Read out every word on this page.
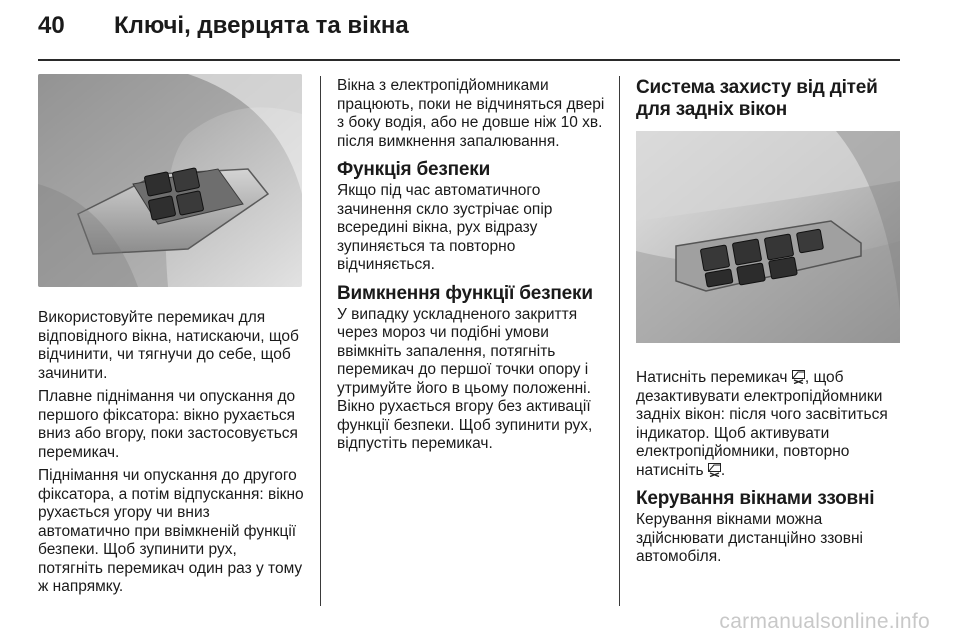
40	Ключі, дверцята та вікна

Використовуйте перемикач для відповідного вікна, натискаючи, щоб відчинити, чи тягнучи до себе, щоб зачинити.

Плавне піднімання чи опускання до першого фіксатора: вікно рухається вниз або вгору, поки застосовується перемикач.

Піднімання чи опускання до другого фіксатора, а потім відпускання: вікно рухається угору чи вниз автоматично при ввімкненій функції безпеки. Щоб зупинити рух, потягніть перемикач один раз у тому ж напрямку.

Вікна з електропідйомниками працюють, поки не відчиняться двері з боку водія, або не довше ніж 10 хв. після вимкнення запалювання.

Функція безпеки

Якщо під час автоматичного зачинення скло зустрічає опір всередині вікна, рух відразу зупиняється та повторно відчиняється.

Вимкнення функції безпеки

У випадку ускладненого закриття через мороз чи подібні умови ввімкніть запалення, потягніть перемикач до першої точки опору і утримуйте його в цьому положенні. Вікно рухається вгору без активації функції безпеки. Щоб зупинити рух, відпустіть перемикач.

Система захисту від дітей для задніх вікон

Натисніть перемикач , щоб дезактивувати електропідйомники задніх вікон: після чого засвітиться індикатор. Щоб активувати електропідйомники, повторно натисніть .

Керування вікнами ззовні

Керування вікнами можна здійснювати дистанційно ззовні автомобіля.

carmanualsonline.info
